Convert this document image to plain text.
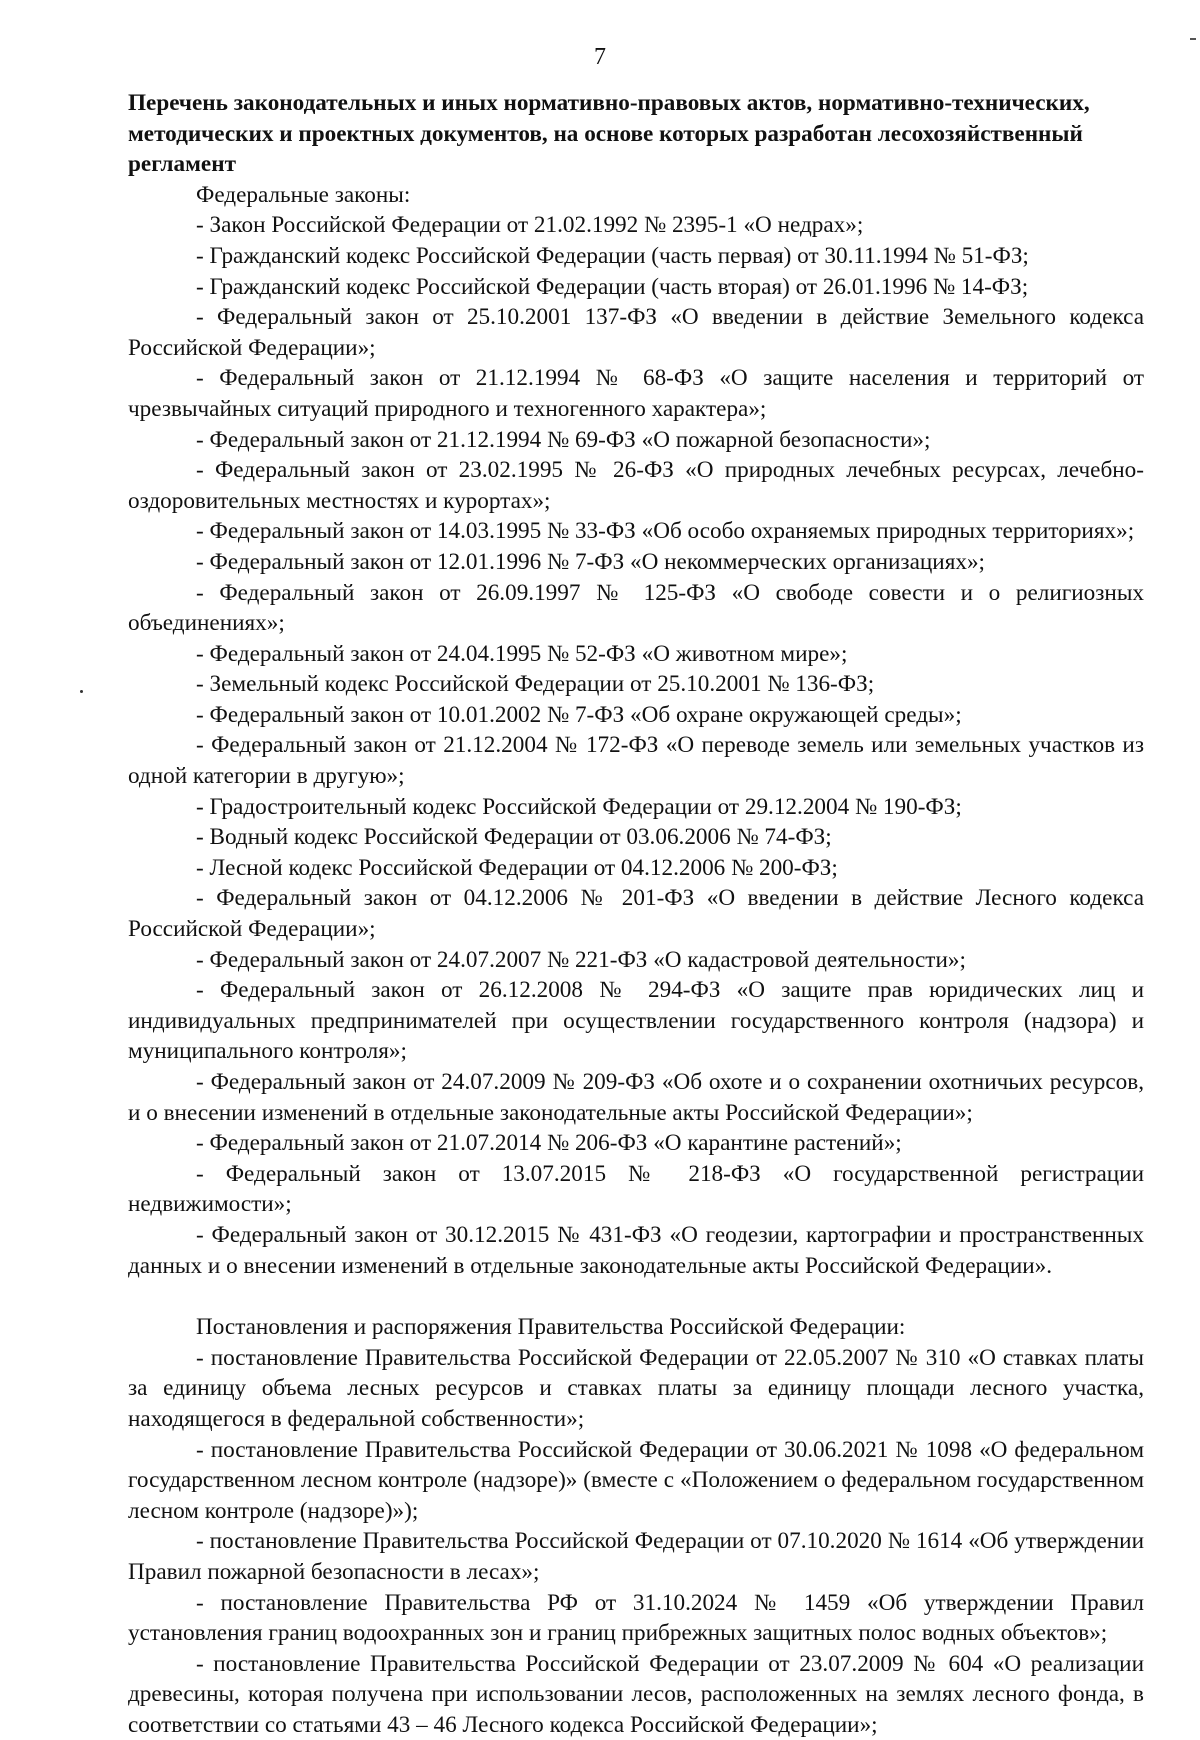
7

Перечень законодательных и иных нормативно-правовых актов, нормативно-технических, методических и проектных документов, на основе которых разработан лесохозяйственный регламент

Федеральные законы:

- Закон Российской Федерации от 21.02.1992 № 2395-1 «О недрах»;

- Гражданский кодекс Российской Федерации (часть первая) от 30.11.1994 № 51-ФЗ;

- Гражданский кодекс Российской Федерации (часть вторая) от 26.01.1996 № 14-ФЗ;

- Федеральный закон от 25.10.2001 137-ФЗ «О введении в действие Земельного кодекса Российской Федерации»;

- Федеральный закон от 21.12.1994 № 68-ФЗ «О защите населения и территорий от чрезвычайных ситуаций природного и техногенного характера»;

- Федеральный закон от 21.12.1994 № 69-ФЗ «О пожарной безопасности»;

- Федеральный закон от 23.02.1995 № 26-ФЗ «О природных лечебных ресурсах, лечебно-оздоровительных местностях и курортах»;

- Федеральный закон от 14.03.1995 № 33-ФЗ «Об особо охраняемых природных территориях»;

- Федеральный закон от 12.01.1996 № 7-ФЗ «О некоммерческих организациях»;

- Федеральный закон от 26.09.1997 № 125-ФЗ «О свободе совести и о религиозных объединениях»;

- Федеральный закон от 24.04.1995 № 52-ФЗ «О животном мире»;

- Земельный кодекс Российской Федерации от 25.10.2001 № 136-ФЗ;

- Федеральный закон от 10.01.2002 № 7-ФЗ «Об охране окружающей среды»;

- Федеральный закон от 21.12.2004 № 172-ФЗ «О переводе земель или земельных участков из одной категории в другую»;

- Градостроительный кодекс Российской Федерации от 29.12.2004 № 190-ФЗ;

- Водный кодекс Российской Федерации от 03.06.2006 № 74-ФЗ;

- Лесной кодекс Российской Федерации от 04.12.2006 № 200-ФЗ;

- Федеральный закон от 04.12.2006 № 201-ФЗ «О введении в действие Лесного кодекса Российской Федерации»;

- Федеральный закон от 24.07.2007 № 221-ФЗ «О кадастровой деятельности»;

- Федеральный закон от 26.12.2008 № 294-ФЗ «О защите прав юридических лиц и индивидуальных предпринимателей при осуществлении государственного контроля (надзора) и муниципального контроля»;

- Федеральный закон от 24.07.2009 № 209-ФЗ «Об охоте и о сохранении охотничьих ресурсов, и о внесении изменений в отдельные законодательные акты Российской Федерации»;

- Федеральный закон от 21.07.2014 № 206-ФЗ «О карантине растений»;

- Федеральный закон от 13.07.2015 № 218-ФЗ «О государственной регистрации недвижимости»;

- Федеральный закон от 30.12.2015 № 431-ФЗ «О геодезии, картографии и пространственных данных и о внесении изменений в отдельные законодательные акты Российской Федерации».

Постановления и распоряжения Правительства Российской Федерации:

- постановление Правительства Российской Федерации от 22.05.2007 № 310 «О ставках платы за единицу объема лесных ресурсов и ставках платы за единицу площади лесного участка, находящегося в федеральной собственности»;

- постановление Правительства Российской Федерации от 30.06.2021 № 1098 «О федеральном государственном лесном контроле (надзоре)» (вместе с «Положением о федеральном государственном лесном контроле (надзоре)»);

- постановление Правительства Российской Федерации от 07.10.2020 № 1614 «Об утверждении Правил пожарной безопасности в лесах»;

- постановление Правительства РФ от 31.10.2024 № 1459 «Об утверждении Правил установления границ водоохранных зон и границ прибрежных защитных полос водных объектов»;

- постановление Правительства Российской Федерации от 23.07.2009 № 604 «О реализации древесины, которая получена при использовании лесов, расположенных на землях лесного фонда, в соответствии со статьями 43 – 46 Лесного кодекса Российской Федерации»;
